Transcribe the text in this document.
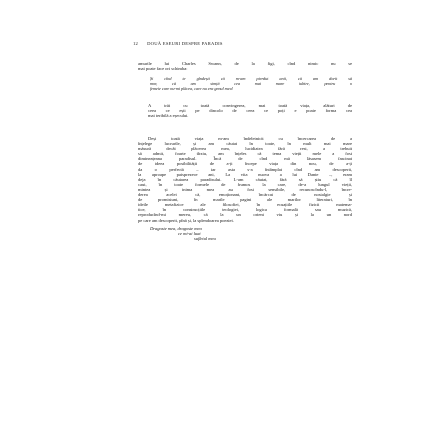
12 DOUĂ ESEURI DESPRE PARADIS
amurile lui Charles Swann, de la figi, cînd nimic nu se
mai poate face ori schimba:
Și cînd te gîndești că m-am pierdut anii, că am dorit să
mor, că am simțit cea mai mare iubire, pentru o
femeie care nu-mi plăcea, care nu era genul meu!
A trăi cu toată convingerea, mai toată viața, alături de
ceea ce ești pe dincolo de ceea ce poți e poate forma cea
mai teribilă a eșecului.
Deși toată viața m-am îndeletnicit cu încercarea de a
înțelege lucrurile, și am căutat în toate, în mult mai mare
măsură decât plăcerea mea, lucidiatea fără rest, a trebuit
să admit, foarte tîrziu, am înțeles că tema vieții mele a fost
dimineațeana paradisul. Încă de cînd mă lăsasem fascinat
de ideea posibilității de a-ți începe viața din nou, de a-ți
da o perfectă – iar asta s-a întâmplat cînd am descoperit,
la aproape paisprezece ani, La vita nuova a lui Dante –, eram
deja în căutarea paradisului. L-am căutat, fără să știu că îl
caut, în toate formele de frumos la care, de-a lungul vieții,
mintea și inima mea au fost sensibile, recunoscîndu-l, încre-
derea acelei că, emoționant, încărcat de nostalgie și
de promisiuni, în marile pagini ale marilor literaturi, în
ideile metafizice ale filosofiei, în ecuațiile fizicii matema-
tice, în construcțiile teologiei, logica formală sau muzică,
reproducînd-mi mereu, că la un orient viu și la un nord
pe care am descoperit, pînă și, la splendoarea poeziei.
Dragoste mea, dragoste mea
ce mi-ai luat
sufletul meu
